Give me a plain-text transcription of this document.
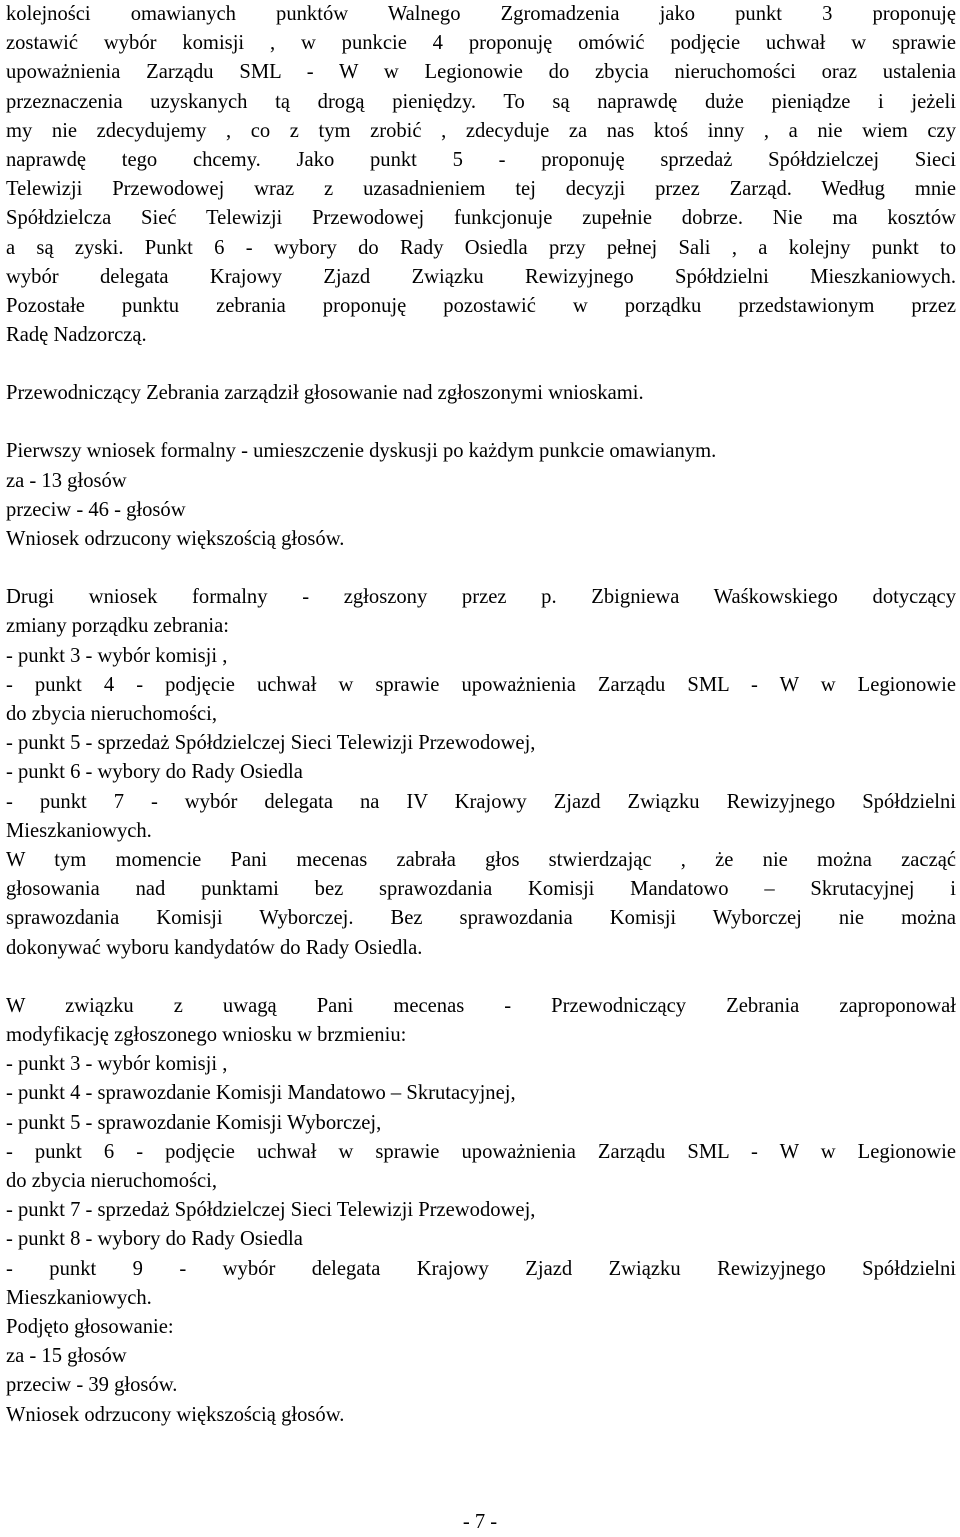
kolejności omawianych punktów Walnego Zgromadzenia jako punkt 3 proponuję
zostawić wybór komisji , w punkcie 4 proponuję omówić podjęcie uchwał w sprawie
upoważnienia Zarządu SML - W w Legionowie do zbycia nieruchomości oraz ustalenia
przeznaczenia uzyskanych tą drogą pieniędzy. To są naprawdę duże pieniądze i jeżeli
my nie zdecydujemy , co z tym zrobić , zdecyduje za nas ktoś inny , a nie wiem czy
naprawdę tego chcemy. Jako punkt 5 - proponuję sprzedaż Spółdzielczej Sieci
Telewizji Przewodowej wraz z uzasadnieniem tej decyzji przez Zarząd. Według mnie
Spółdzielcza Sieć Telewizji Przewodowej funkcjonuje zupełnie dobrze. Nie ma kosztów
a są zyski. Punkt 6 - wybory do Rady Osiedla przy pełnej Sali , a kolejny punkt to
wybór delegata Krajowy Zjazd Związku Rewizyjnego Spółdzielni Mieszkaniowych.
Pozostałe punktu zebrania proponuję pozostawić w porządku przedstawionym przez
Radę Nadzorczą.
Przewodniczący Zebrania zarządził głosowanie nad zgłoszonymi wnioskami.
Pierwszy wniosek formalny - umieszczenie dyskusji po każdym punkcie omawianym.
za - 13 głosów
przeciw - 46 - głosów
Wniosek odrzucony większością głosów.
Drugi wniosek formalny - zgłoszony przez p. Zbigniewa Waśkowskiego dotyczący
zmiany porządku zebrania:
- punkt 3 - wybór komisji ,
- punkt 4 - podjęcie uchwał w sprawie upoważnienia Zarządu SML - W w Legionowie
do zbycia nieruchomości,
- punkt 5 - sprzedaż Spółdzielczej Sieci Telewizji Przewodowej,
- punkt 6 - wybory do Rady Osiedla
- punkt 7 - wybór delegata na IV Krajowy Zjazd Związku Rewizyjnego Spółdzielni
Mieszkaniowych.
W tym momencie Pani mecenas zabrała głos stwierdzając , że nie można zacząć
głosowania nad punktami bez sprawozdania Komisji Mandatowo – Skrutacyjnej i
sprawozdania Komisji Wyborczej. Bez sprawozdania Komisji Wyborczej nie można
dokonywać wyboru kandydatów do Rady Osiedla.
W związku z uwagą Pani mecenas - Przewodniczący Zebrania zaproponował
modyfikację zgłoszonego wniosku w brzmieniu:
- punkt 3 - wybór komisji ,
- punkt 4 - sprawozdanie Komisji Mandatowo – Skrutacyjnej,
- punkt 5 - sprawozdanie Komisji Wyborczej,
- punkt 6 - podjęcie uchwał w sprawie upoważnienia Zarządu SML - W w Legionowie
do zbycia nieruchomości,
- punkt 7 - sprzedaż Spółdzielczej Sieci Telewizji Przewodowej,
- punkt 8 - wybory do Rady Osiedla
- punkt 9 - wybór delegata Krajowy Zjazd Związku Rewizyjnego Spółdzielni
Mieszkaniowych.
Podjęto głosowanie:
za - 15 głosów
przeciw - 39 głosów.
Wniosek odrzucony większością głosów.
- 7 -
